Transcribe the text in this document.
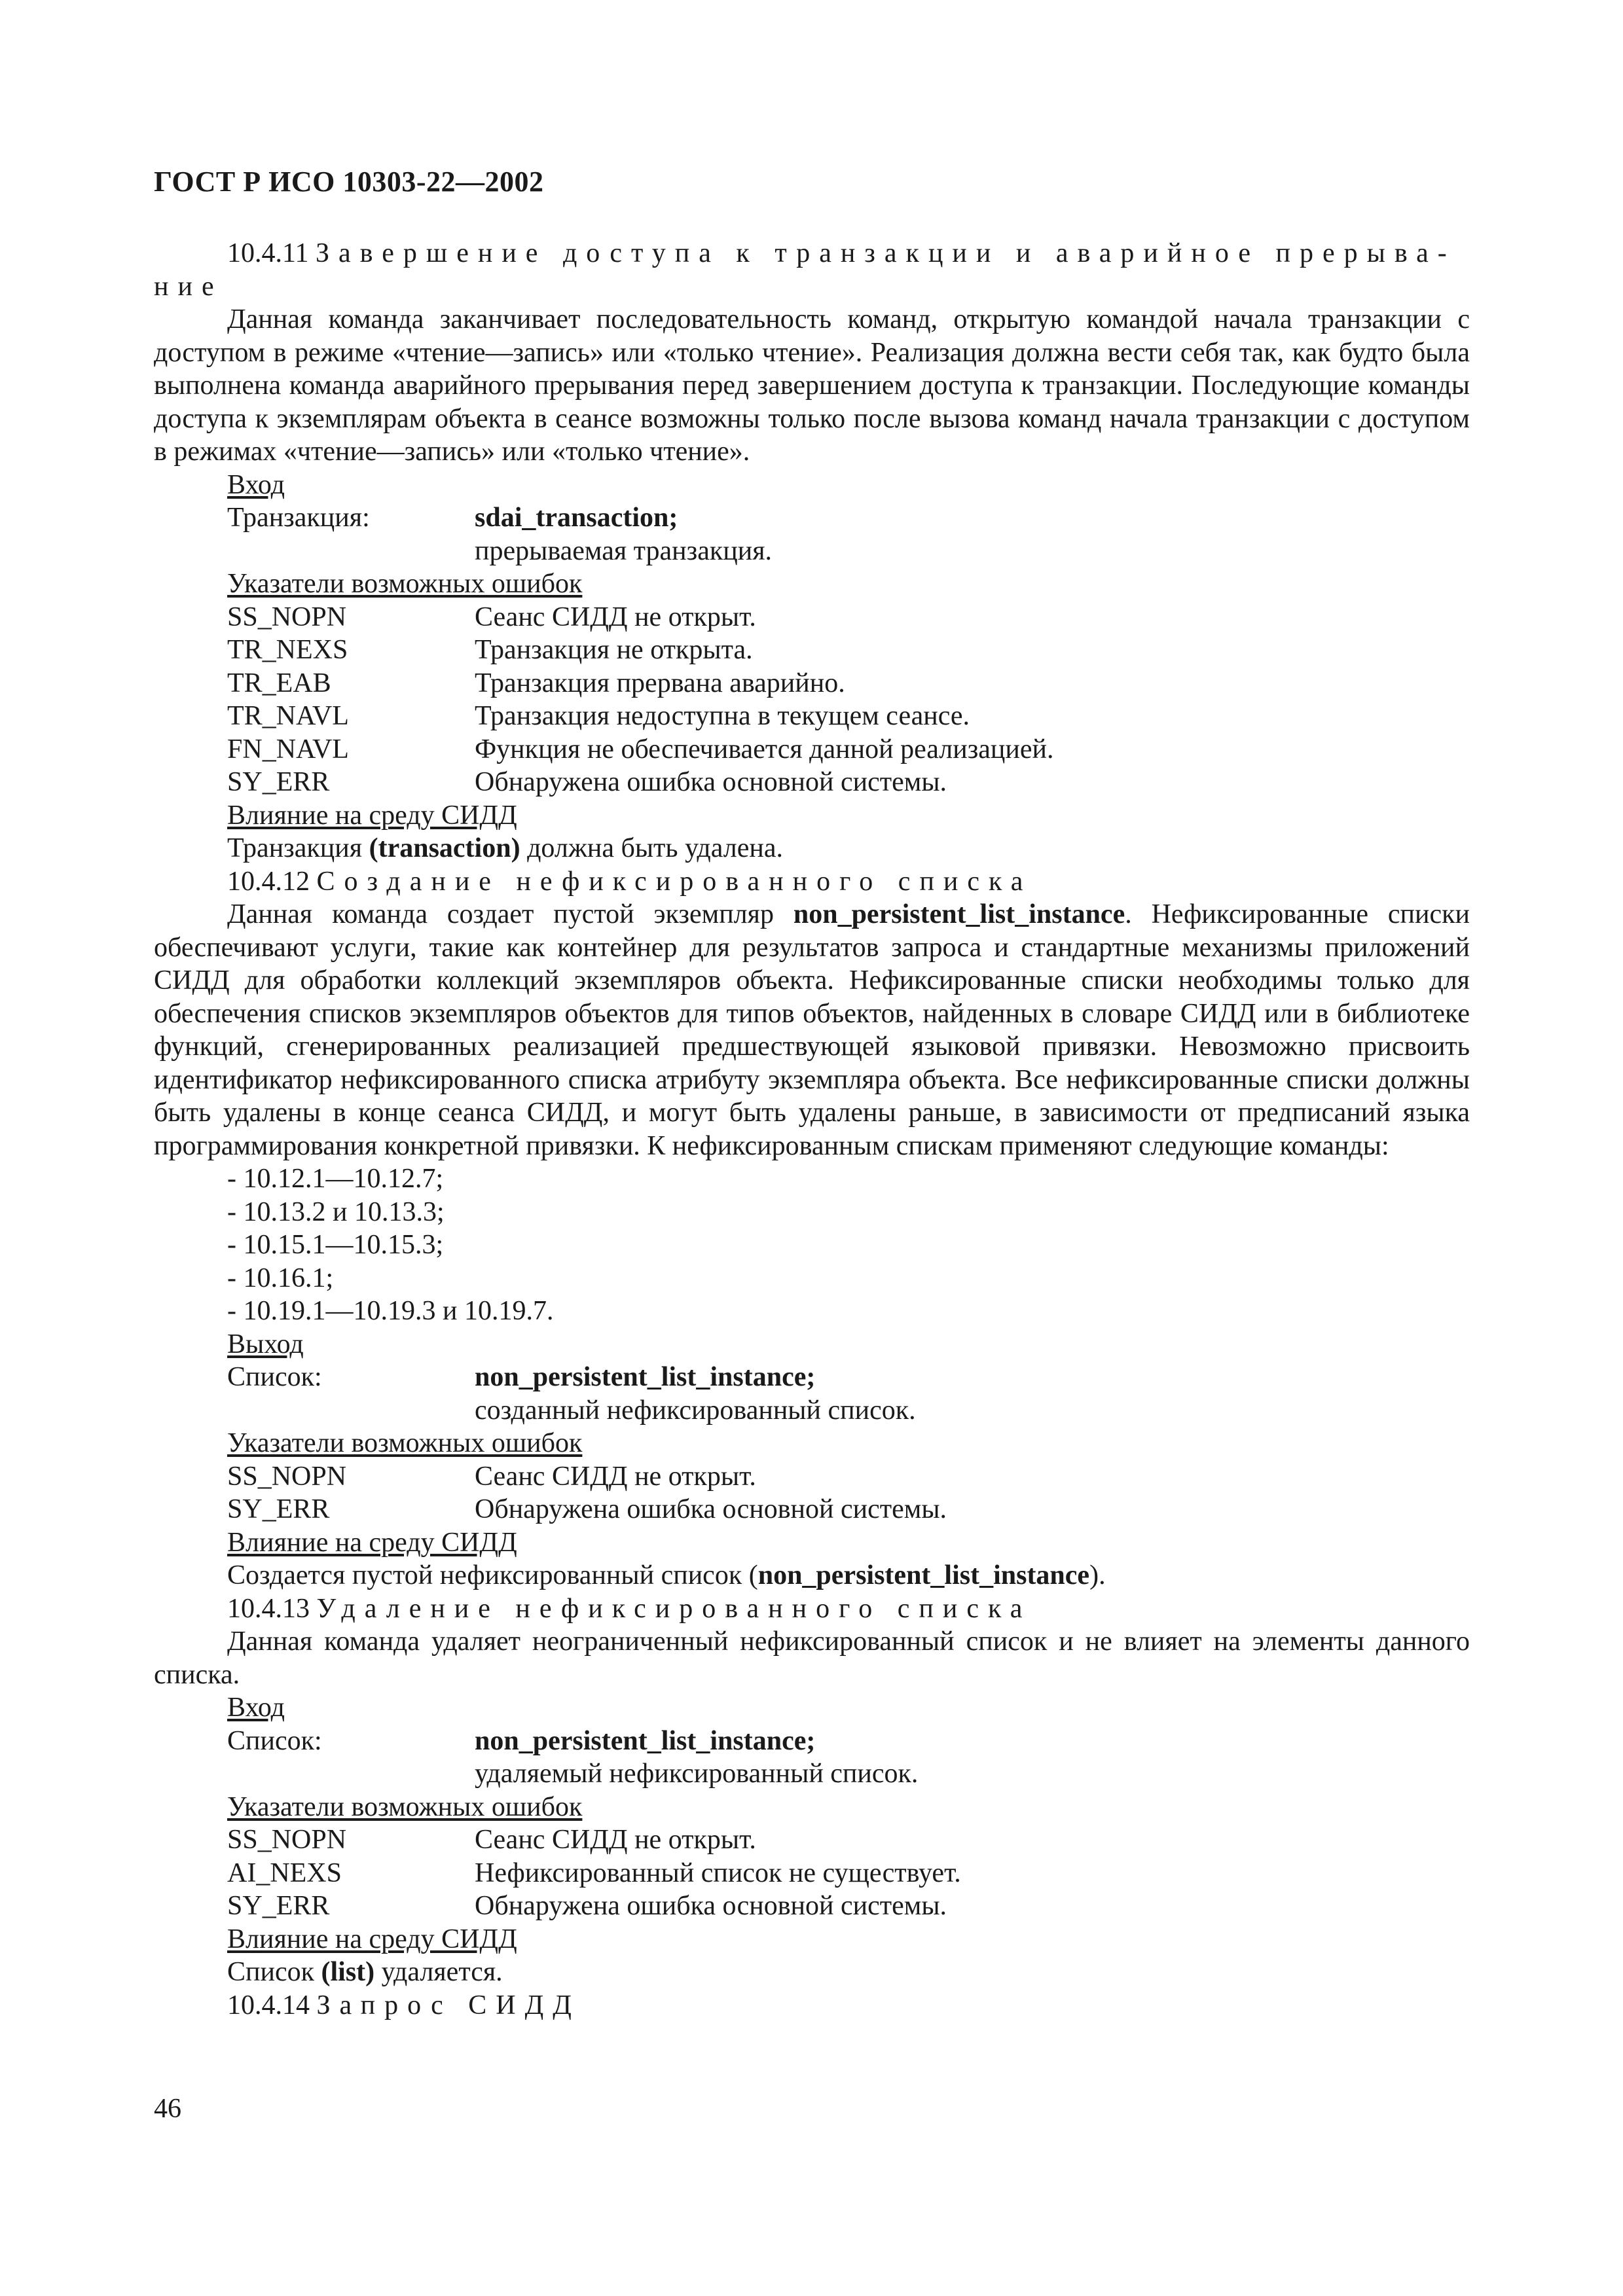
ГОСТ Р ИСО 10303-22—2002
10.4.11 Завершение доступа к транзакции и аварийное прерыва-

ние

Данная команда заканчивает последовательность команд, открытую командой начала транзакции с доступом в режиме «чтение—запись» или «только чтение». Реализация должна вести себя так, как будто была выполнена команда аварийного прерывания перед завершением доступа к транзакции. Последующие команды доступа к экземплярам объекта в сеансе возможны только после вызова команд начала транзакции с доступом в режимах «чтение—запись» или «только чтение».

Вход

Транзакция:	sdai_transaction;

прерываемая транзакция.

Указатели возможных ошибок

SS_NOPN	Сеанс СИДД не открыт.
TR_NEXS	Транзакция не открыта.
TR_EAB	Транзакция прервана аварийно.
TR_NAVL	Транзакция недоступна в текущем сеансе.
FN_NAVL	Функция не обеспечивается данной реализацией.
SY_ERR	Обнаружена ошибка основной системы.

Влияние на среду СИДД

Транзакция (transaction) должна быть удалена.

10.4.12 Создание нефиксированного списка

Данная команда создает пустой экземпляр non_persistent_list_instance. Нефиксированные списки обеспечивают услуги, такие как контейнер для результатов запроса и стандартные механизмы приложений СИДД для обработки коллекций экземпляров объекта. Нефиксированные списки необходимы только для обеспечения списков экземпляров объектов для типов объектов, найденных в словаре СИДД или в библиотеке функций, сгенерированных реализацией предшествующей языковой привязки. Невозможно присвоить идентификатор нефиксированного списка атрибуту экземпляра объекта. Все нефиксированные списки должны быть удалены в конце сеанса СИДД, и могут быть удалены раньше, в зависимости от предписаний языка программирования конкретной привязки. К нефиксированным спискам применяют следующие команды:

- 10.12.1—10.12.7;

- 10.13.2 и 10.13.3;

- 10.15.1—10.15.3;

- 10.16.1;

- 10.19.1—10.19.3 и 10.19.7.

Выход

Список:	non_persistent_list_instance;

созданный нефиксированный список.

Указатели возможных ошибок

SS_NOPN	Сеанс СИДД не открыт.
SY_ERR	Обнаружена ошибка основной системы.

Влияние на среду СИДД

Создается пустой нефиксированный список (non_persistent_list_instance).

10.4.13 Удаление нефиксированного списка

Данная команда удаляет неограниченный нефиксированный список и не влияет на элементы данного списка.

Вход

Список:	non_persistent_list_instance;

удаляемый нефиксированный список.

Указатели возможных ошибок

SS_NOPN	Сеанс СИДД не открыт.
AI_NEXS	Нефиксированный список не существует.
SY_ERR	Обнаружена ошибка основной системы.

Влияние на среду СИДД

Список (list) удаляется.

10.4.14 Запрос СИДД
46
